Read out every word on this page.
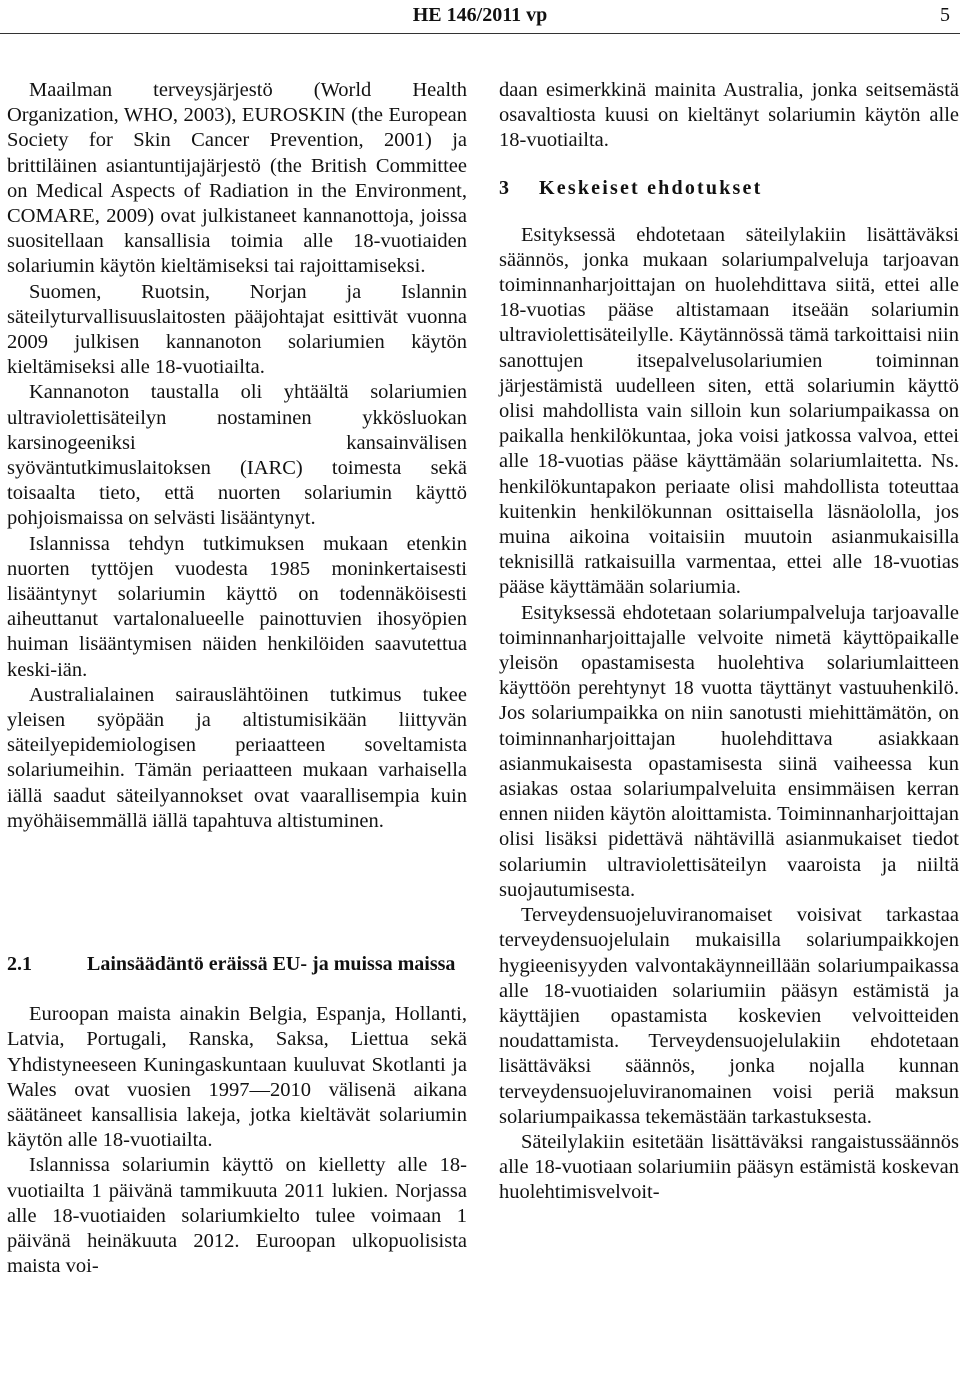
HE 146/2011 vp	5

Maailman terveysjärjestö (World Health Organization, WHO, 2003), EUROSKIN (the European Society for Skin Cancer Prevention, 2001) ja brittiläinen asiantuntijajärjestö (the British Committee on Medical Aspects of Radiation in the Environment, COMARE, 2009) ovat julkistaneet kannanottoja, joissa suositellaan kansallisia toimia alle 18-vuotiaiden solariumin käytön kieltämiseksi tai rajoittamiseksi.

Suomen, Ruotsin, Norjan ja Islannin säteilyturvallisuuslaitosten pääjohtajat esittivät vuonna 2009 julkisen kannanoton solariumien käytön kieltämiseksi alle 18-vuotiailta.

Kannanoton taustalla oli yhtäältä solariumien ultraviolettisäteilyn nostaminen ykkösluokan karsinogeeniksi kansainvälisen syöväntutkimuslaitoksen (IARC) toimesta sekä toisaalta tieto, että nuorten solariumin käyttö pohjoismaissa on selvästi lisääntynyt.

Islannissa tehdyn tutkimuksen mukaan etenkin nuorten tyttöjen vuodesta 1985 moninkertaisesti lisääntynyt solariumin käyttö on todennäköisesti aiheuttanut vartalonalueelle painottuvien ihosyöpien huiman lisääntymisen näiden henkilöiden saavutettua keski-iän.

Australialainen sairauslähtöinen tutkimus tukee yleisen syöpään ja altistumisikään liittyvän säteilyepidemiologisen periaatteen soveltamista solariumeihin. Tämän periaatteen mukaan varhaisella iällä saadut säteilyannokset ovat vaarallisempia kuin myöhäisemmällä iällä tapahtuva altistuminen.

2.1	Lainsäädäntö eräissä EU- ja muissa maissa

Euroopan maista ainakin Belgia, Espanja, Hollanti, Latvia, Portugali, Ranska, Saksa, Liettua sekä Yhdistyneeseen Kuningaskuntaan kuuluvat Skotlanti ja Wales ovat vuosien 1997—2010 välisenä aikana säätäneet kansallisia lakeja, jotka kieltävät solariumin käytön alle 18-vuotiailta.

Islannissa solariumin käyttö on kielletty alle 18-vuotiailta 1 päivänä tammikuuta 2011 lukien. Norjassa alle 18-vuotiaiden solariumkielto tulee voimaan 1 päivänä heinäkuuta 2012. Euroopan ulkopuolisista maista voi-

daan esimerkkinä mainita Australia, jonka seitsemästä osavaltiosta kuusi on kieltänyt solariumin käytön alle 18-vuotiailta.

3	Keskeiset ehdotukset

Esityksessä ehdotetaan säteilylakiin lisättäväksi säännös, jonka mukaan solariumpalveluja tarjoavan toiminnanharjoittajan on huolehdittava siitä, ettei alle 18-vuotias pääse altistamaan itseään solariumin ultraviolettisäteilylle. Käytännössä tämä tarkoittaisi niin sanottujen itsepalvelusolariumien toiminnan järjestämistä uudelleen siten, että solariumin käyttö olisi mahdollista vain silloin kun solariumpaikassa on paikalla henkilökuntaa, joka voisi jatkossa valvoa, ettei alle 18-vuotias pääse käyttämään solariumlaitetta. Ns. henkilökuntapakon periaate olisi mahdollista toteuttaa kuitenkin henkilökunnan osittaisella läsnäololla, jos muina aikoina voitaisiin muutoin asianmukaisilla teknisillä ratkaisuilla varmentaa, ettei alle 18-vuotias pääse käyttämään solariumia.

Esityksessä ehdotetaan solariumpalveluja tarjoavalle toiminnanharjoittajalle velvoite nimetä käyttöpaikalle yleisön opastamisesta huolehtiva solariumlaitteen käyttöön perehtynyt 18 vuotta täyttänyt vastuuhenkilö. Jos solariumpaikka on niin sanotusti miehittämätön, on toiminnanharjoittajan huolehdittava asiakkaan asianmukaisesta opastamisesta siinä vaiheessa kun asiakas ostaa solariumpalveluita ensimmäisen kerran ennen niiden käytön aloittamista. Toiminnanharjoittajan olisi lisäksi pidettävä nähtävillä asianmukaiset tiedot solariumin ultraviolettisäteilyn vaaroista ja niiltä suojautumisesta.

Terveydensuojeluviranomaiset voisivat tarkastaa terveydensuojelulain mukaisilla solariumpaikkojen hygieenisyyden valvontakäynneillään solariumpaikassa alle 18-vuotiaiden solariumiin pääsyn estämistä ja käyttäjien opastamista koskevien velvoitteiden noudattamista. Terveydensuojelulakiin ehdotetaan lisättäväksi säännös, jonka nojalla kunnan terveydensuojeluviranomainen voisi periä maksun solariumpaikassa tekemästään tarkastuksesta.

Säteilylakiin esitetään lisättäväksi rangaistussäännös alle 18-vuotiaan solariumiin pääsyn estämistä koskevan huolehtimisvelvoit-
